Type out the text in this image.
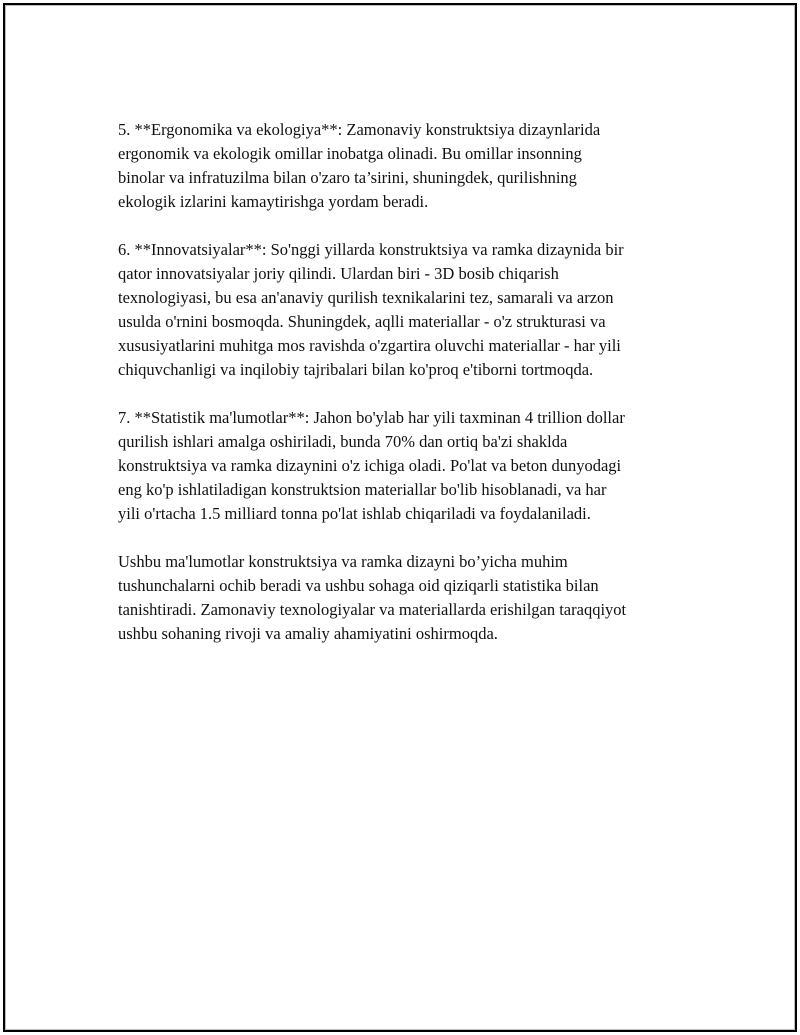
5. **Ergonomika va ekologiya**: Zamonaviy konstruktsiya dizaynlarida
ergonomik va ekologik omillar inobatga olinadi. Bu omillar insonning
binolar va infratuzilma bilan o'zaro ta’sirini, shuningdek, qurilishning
ekologik izlarini kamaytirishga yordam beradi.
6. **Innovatsiyalar**: So'nggi yillarda konstruktsiya va ramka dizaynida bir
qator innovatsiyalar joriy qilindi. Ulardan biri - 3D bosib chiqarish
texnologiyasi, bu esa an'anaviy qurilish texnikalarini tez, samarali va arzon
usulda o'rnini bosmoqda. Shuningdek, aqlli materiallar - o'z strukturasi va
xususiyatlarini muhitga mos ravishda o'zgartira oluvchi materiallar - har yili
chiquvchanligi va inqilobiy tajribalari bilan ko'proq e'tiborni tortmoqda.
7. **Statistik ma'lumotlar**: Jahon bo'ylab har yili taxminan 4 trillion dollar
qurilish ishlari amalga oshiriladi, bunda 70% dan ortiq ba'zi shaklda
konstruktsiya va ramka dizaynini o'z ichiga oladi. Po'lat va beton dunyodagi
eng ko'p ishlatiladigan konstruktsion materiallar bo'lib hisoblanadi, va har
yili o'rtacha 1.5 milliard tonna po'lat ishlab chiqariladi va foydalaniladi.
Ushbu ma'lumotlar konstruktsiya va ramka dizayni bo’yicha muhim
tushunchalarni ochib beradi va ushbu sohaga oid qiziqarli statistika bilan
tanishtiradi. Zamonaviy texnologiyalar va materiallarda erishilgan taraqqiyot
ushbu sohaning rivoji va amaliy ahamiyatini oshirmoqda.
